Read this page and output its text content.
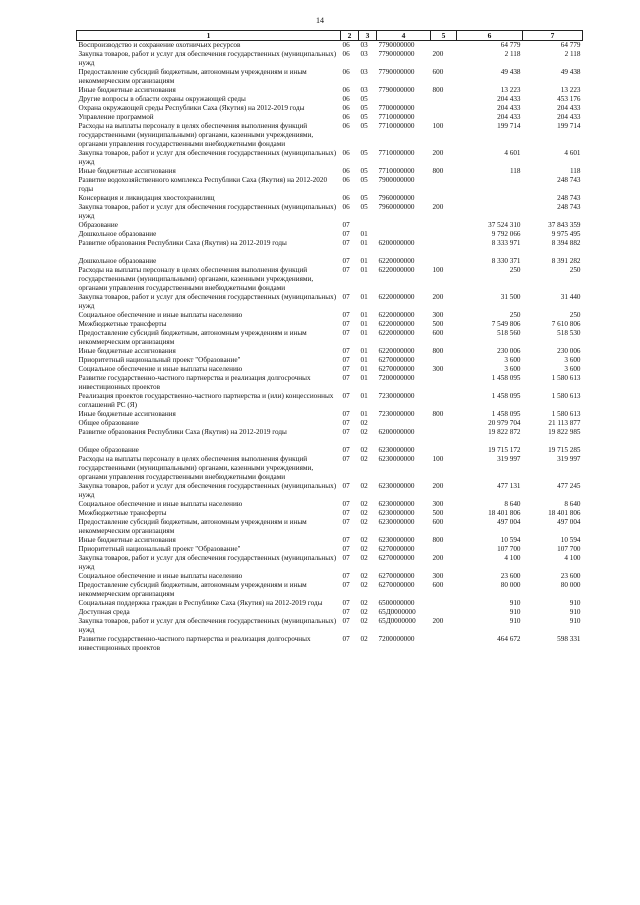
14
1	2	3	4	5	6	7
Воспроизводство и сохранение охотничьих ресурсов	06	03	7790000000		64 779	64 779
Закупка товаров, работ и услуг для обеспечения государственных (муниципальных) нужд	06	03	7790000000	200	2 118	2 118
Предоставление субсидий бюджетным, автономным учреждениям и иным некоммерческим организациям	06	03	7790000000	600	49 438	49 438
Иные бюджетные ассигнования	06	03	7790000000	800	13 223	13 223
Другие вопросы в области охраны окружающей среды	06	05			204 433	453 176
Охрана окружающей среды Республики Саха (Якутия) на 2012-2019 годы	06	05	7700000000		204 433	204 433
Управление программой	06	05	7710000000		204 433	204 433
Расходы на выплаты персоналу в целях обеспечения выполнения функций государственными (муниципальными) органами, казенными учреждениями, органами управления государственными внебюджетными фондами	06	05	7710000000	100	199 714	199 714
Закупка товаров, работ и услуг для обеспечения государственных (муниципальных) нужд	06	05	7710000000	200	4 601	4 601
Иные бюджетные ассигнования	06	05	7710000000	800	118	118
Развитие водохозяйственного комплекса Республики Саха (Якутия) на 2012-2020 годы	06	05	7900000000			248 743
Консервация и ликвидация хвостохранилищ	06	05	7960000000			248 743
Закупка товаров, работ и услуг для обеспечения государственных (муниципальных) нужд	06	05	7960000000	200		248 743
Образование	07				37 524 310	37 843 359
Дошкольное образование	07	01			9 792 066	9 975 495
Развитие образования Республики Саха (Якутия) на 2012-2019 годы	07	01	6200000000		8 333 971	8 394 882

Дошкольное образование	07	01	6220000000		8 330 371	8 391 282
Расходы на выплаты персоналу в целях обеспечения выполнения функций государственными (муниципальными) органами, казенными учреждениями, органами управления государственными внебюджетными фондами	07	01	6220000000	100	250	250
Закупка товаров, работ и услуг для обеспечения государственных (муниципальных) нужд	07	01	6220000000	200	31 500	31 440
Социальное обеспечение и иные выплаты населению	07	01	6220000000	300	250	250
Межбюджетные трансферты	07	01	6220000000	500	7 549 806	7 610 806
Предоставление субсидий бюджетным, автономным учреждениям и иным некоммерческим организациям	07	01	6220000000	600	518 560	518 530
Иные бюджетные ассигнования	07	01	6220000000	800	230 006	230 006
Приоритетный национальный проект "Образование"	07	01	6270000000		3 600	3 600
Социальное обеспечение и иные выплаты населению	07	01	6270000000	300	3 600	3 600
Развитие государственно-частного партнерства и реализация долгосрочных инвестиционных проектов	07	01	7200000000		1 458 095	1 580 613
Реализация проектов государственно-частного партнерства и (или) концессионных соглашений РС (Я)	07	01	7230000000		1 458 095	1 580 613
Иные бюджетные ассигнования	07	01	7230000000	800	1 458 095	1 580 613
Общее образование	07	02			20 979 704	21 113 877
Развитие образования Республики Саха (Якутия) на 2012-2019 годы	07	02	6200000000		19 822 872	19 822 985

Общее образование	07	02	6230000000		19 715 172	19 715 285
Расходы на выплаты персоналу в целях обеспечения выполнения функций государственными (муниципальными) органами, казенными учреждениями, органами управления государственными внебюджетными фондами	07	02	6230000000	100	319 997	319 997
Закупка товаров, работ и услуг для обеспечения государственных (муниципальных) нужд	07	02	6230000000	200	477 131	477 245
Социальное обеспечение и иные выплаты населению	07	02	6230000000	300	8 640	8 640
Межбюджетные трансферты	07	02	6230000000	500	18 401 806	18 401 806
Предоставление субсидий бюджетным, автономным учреждениям и иным некоммерческим организациям	07	02	6230000000	600	497 004	497 004
Иные бюджетные ассигнования	07	02	6230000000	800	10 594	10 594
Приоритетный национальный проект "Образование"	07	02	6270000000		107 700	107 700
Закупка товаров, работ и услуг для обеспечения государственных (муниципальных) нужд	07	02	6270000000	200	4 100	4 100
Социальное обеспечение и иные выплаты населению	07	02	6270000000	300	23 600	23 600
Предоставление субсидий бюджетным, автономным учреждениям и иным некоммерческим организациям	07	02	6270000000	600	80 000	80 000
Социальная поддержка граждан в Республике Саха (Якутия) на 2012-2019 годы	07	02	6500000000		910	910
Доступная среда	07	02	65Д0000000		910	910
Закупка товаров, работ и услуг для обеспечения государственных (муниципальных) нужд	07	02	65Д0000000	200	910	910
Развитие государственно-частного партнерства и реализация долгосрочных инвестиционных проектов	07	02	7200000000		464 672	598 331
